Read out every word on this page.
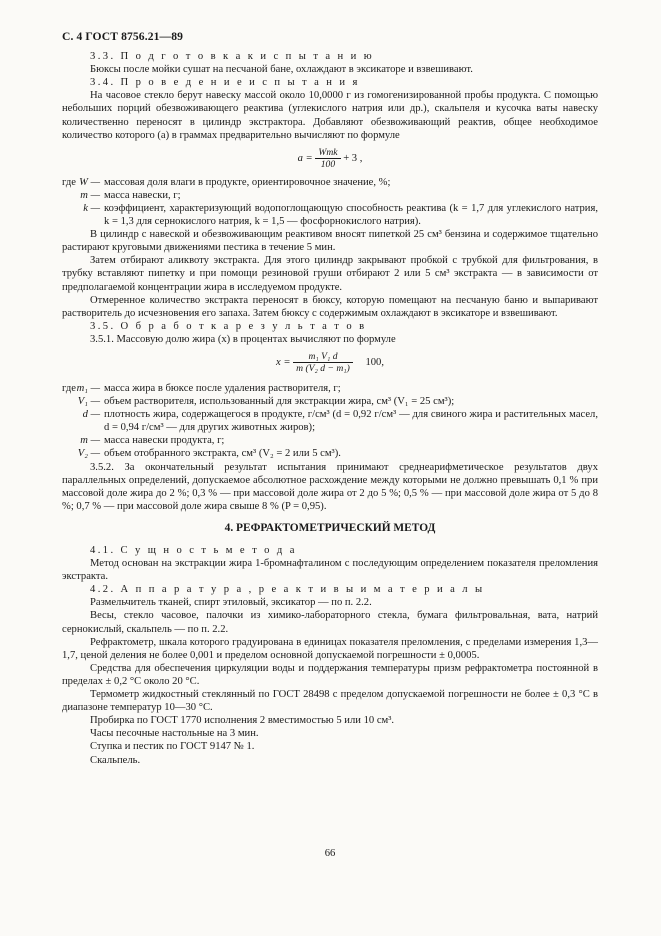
С. 4 ГОСТ 8756.21—89

3.3. П о д г о т о в к а к и с п ы т а н и ю

Бюксы после мойки сушат на песчаной бане, охлаждают в эксикаторе и взвешивают.

3.4. П р о в е д е н и е и с п ы т а н и я

На часовое стекло берут навеску массой около 10,0000 г из гомогенизированной пробы продукта. С помощью небольших порций обезвоживающего реактива (углекислого натрия или др.), скальпеля и кусочка ваты навеску количественно переносят в цилиндр экстрактора. Добавляют обезвоживающий реактив, общее необходимое количество которого (a) в граммах предварительно вычисляют по формуле

$a = \frac{\text{Wmk}}{100} + 3$ ,
где W — массовая доля влаги в продукте, ориентировочное значение, %;
m — масса навески, г;
k — коэффициент, характеризующий водопоглощающую способность реактива (k = 1,7 для углекислого натрия, k = 1,3 для сернокислого натрия, k = 1,5 — фосфорнокислого натрия).

В цилиндр с навеской и обезвоживающим реактивом вносят пипеткой 25 см³ бензина и содержимое тщательно растирают круговыми движениями пестика в течение 5 мин.

Затем отбирают аликвоту экстракта. Для этого цилиндр закрывают пробкой с трубкой для фильтрования, в трубку вставляют пипетку и при помощи резиновой груши отбирают 2 или 5 см³ экстракта — в зависимости от предполагаемой концентрации жира в исследуемом продукте.

Отмеренное количество экстракта переносят в бюксу, которую помещают на песчаную баню и выпаривают растворитель до исчезновения его запаха. Затем бюксу с содержимым охлаждают в эксикаторе и взвешивают.

3.5. О б р а б о т к а р е з у л ь т а т о в

3.5.1. Массовую долю жира (x) в процентах вычисляют по формуле

$x = \frac{\text{m₁ V₁ d}}{\text{m (V₂ d − m₁)}} 100$,
где m₁ — масса жира в бюксе после удаления растворителя, г;
V₁ — объем растворителя, использованный для экстракции жира, см³ (V₁ = 25 см³);
d — плотность жира, содержащегося в продукте, г/см³ (d = 0,92 г/см³ — для свиного жира и растительных масел, d = 0,94 г/см³ — для других животных жиров);
m — масса навески продукта, г;
V₂ — объем отобранного экстракта, см³ (V₂ = 2 или 5 см³).

3.5.2. За окончательный результат испытания принимают среднеарифметическое результатов двух параллельных определений, допускаемое абсолютное расхождение между которыми не должно превышать 0,1 % при массовой доле жира до 2 %; 0,3 % — при массовой доле жира от 2 до 5 %; 0,5 % — при массовой доле жира от 5 до 8 %; 0,7 % — при массовой доле жира свыше 8 % (P = 0,95).

4. РЕФРАКТОМЕТРИЧЕСКИЙ МЕТОД

4.1. С у щ н о с т ь м е т о д а

Метод основан на экстракции жира 1-бромнафталином с последующим определением показателя преломления экстракта.

4.2. А п п а р а т у р а , р е а к т и в ы и м а т е р и а л ы

Размельчитель тканей, спирт этиловый, эксикатор — по п. 2.2.

Весы, стекло часовое, палочки из химико-лабораторного стекла, бумага фильтровальная, вата, натрий сернокислый, скальпель — по п. 2.2.

Рефрактометр, шкала которого градуирована в единицах показателя преломления, с пределами измерения 1,3—1,7, ценой деления не более 0,001 и пределом основной допускаемой погрешности ± 0,0005.

Средства для обеспечения циркуляции воды и поддержания температуры призм рефрактометра постоянной в пределах ± 0,2 °С около 20 °С.

Термометр жидкостный стеклянный по ГОСТ 28498 с пределом допускаемой погрешности не более ± 0,3 °С в диапазоне температур 10—30 °С.

Пробирка по ГОСТ 1770 исполнения 2 вместимостью 5 или 10 см³.

Часы песочные настольные на 3 мин.

Ступка и пестик по ГОСТ 9147 № 1.

Скальпель.

66
